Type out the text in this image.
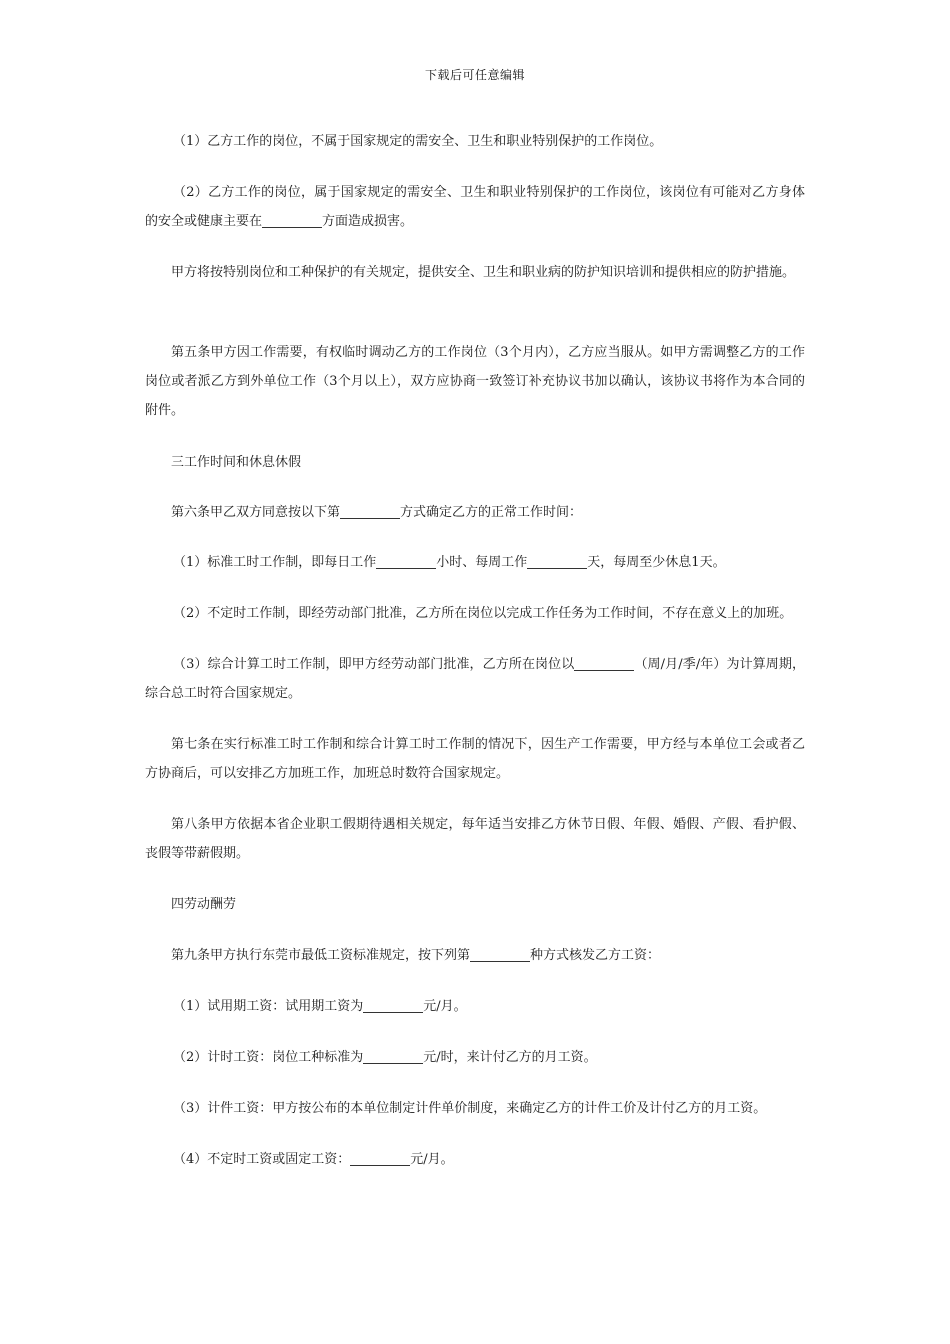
下载后可任意编辑
（1）乙方工作的岗位，不属于国家规定的需安全、卫生和职业特别保护的工作岗位。
（2）乙方工作的岗位，属于国家规定的需安全、卫生和职业特别保护的工作岗位，该岗位有可能对乙方身体的安全或健康主要在	方面造成损害。
甲方将按特别岗位和工种保护的有关规定，提供安全、卫生和职业病的防护知识培训和提供相应的防护措施。
第五条甲方因工作需要，有权临时调动乙方的工作岗位（3个月内），乙方应当服从。如甲方需调整乙方的工作岗位或者派乙方到外单位工作（3个月以上），双方应协商一致签订补充协议书加以确认，该协议书将作为本合同的附件。
三工作时间和休息休假
第六条甲乙双方同意按以下第	方式确定乙方的正常工作时间：
（1）标准工时工作制，即每日工作	小时、每周工作	天，每周至少休息1天。
（2）不定时工作制，即经劳动部门批准，乙方所在岗位以完成工作任务为工作时间，不存在意义上的加班。
（3）综合计算工时工作制，即甲方经劳动部门批准，乙方所在岗位以	（周/月/季/年）为计算周期，综合总工时符合国家规定。
第七条在实行标准工时工作制和综合计算工时工作制的情况下，因生产工作需要，甲方经与本单位工会或者乙方协商后，可以安排乙方加班工作，加班总时数符合国家规定。
第八条甲方依据本省企业职工假期待遇相关规定，每年适当安排乙方休节日假、年假、婚假、产假、看护假、丧假等带薪假期。
四劳动酬劳
第九条甲方执行东莞市最低工资标准规定，按下列第	种方式核发乙方工资：
（1）试用期工资：试用期工资为	元/月。
（2）计时工资：岗位工种标准为	元/时，来计付乙方的月工资。
（3）计件工资：甲方按公布的本单位制定计件单价制度，来确定乙方的计件工价及计付乙方的月工资。
（4）不定时工资或固定工资：	元/月。
